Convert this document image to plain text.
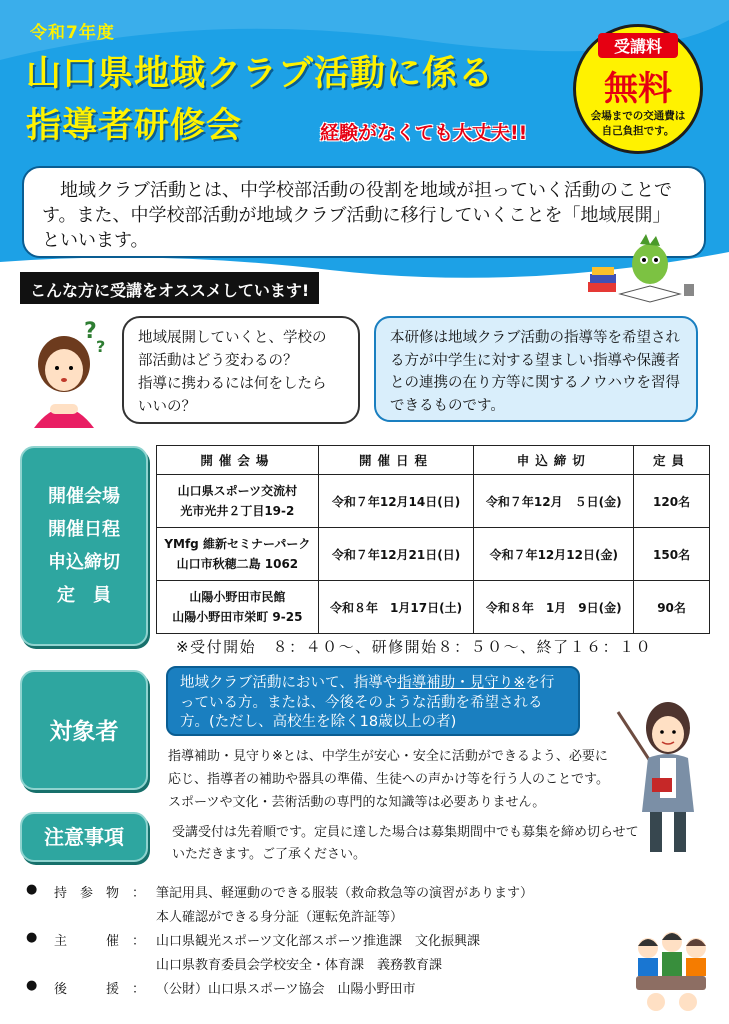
令和7年度
山口県地域クラブ活動に係る
指導者研修会	経験がなくても大丈夫!!
受講料
無料
会場までの交通費は
自己負担です。
　地域クラブ活動とは、中学校部活動の役割を地域が担っていく活動のことです。また、中学校部活動が地域クラブ活動に移行していくことを「地域展開」といいます。
こんな方に受講をオススメしています!
?
? 地域展開していくと、学校の
部活動はどう変わるの？
指導に携わるには何をしたら
いいの？
本研修は地域クラブ活動の指導等を希望される方が中学生に対する望ましい指導や保護者との連携の在り方等に関するノウハウを習得できるものです。
開催会場
開催日程
申込締切
定　員
開催会場	開催日程	申込締切	定員

山口県スポーツ交流村
光市光井２丁目19-2	令和７年12月14日(日)	令和７年12月　５日(金)	120名

YMfg 維新セミナーパーク
山口市秋穂二島 1062	令和７年12月21日(日)	令和７年12月12日(金)	150名

山陽小野田市民館
山陽小野田市栄町 9-25	令和８年　1月17日(土)	令和８年　1月　9日(金)	90名
※受付開始　８：４０～、研修開始８：５０～、終了１６：１０
対象者
地域クラブ活動において、指導や指導補助・見守り※を行っている方。または、今後そのような活動を希望される方。(ただし、高校生を除く18歳以上の者)
指導補助・見守り※とは、中学生が安心・安全に活動ができるよう、必要に応じ、指導者の補助や器具の準備、生徒への声かけ等を行う人のことです。スポーツや文化・芸術活動の専門的な知識等は必要ありません。
注意事項	受講受付は先着順です。定員に達した場合は募集期間中でも募集を締め切らせていただきます。ご了承ください。
● 持　参　物　： 筆記用具、軽運動のできる服装（救命救急等の演習があります）
本人確認ができる身分証（運転免許証等）
● 主　　　催　： 山口県観光スポーツ文化部スポーツ推進課　文化振興課
山口県教育委員会学校安全・体育課　義務教育課
● 後　　　援　： （公財）山口県スポーツ協会　山陽小野田市
